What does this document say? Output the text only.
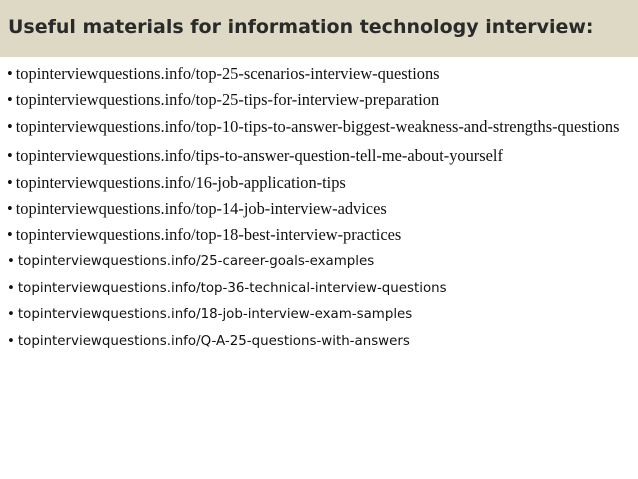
Useful materials for information technology interview:
• topinterviewquestions.info/top-25-scenarios-interview-questions
• topinterviewquestions.info/top-25-tips-for-interview-preparation
• topinterviewquestions.info/top-10-tips-to-answer-biggest-weakness-and-strengths-questions
• topinterviewquestions.info/tips-to-answer-question-tell-me-about-yourself
• topinterviewquestions.info/16-job-application-tips
• topinterviewquestions.info/top-14-job-interview-advices
• topinterviewquestions.info/top-18-best-interview-practices
• topinterviewquestions.info/25-career-goals-examples
• topinterviewquestions.info/top-36-technical-interview-questions
• topinterviewquestions.info/18-job-interview-exam-samples
• topinterviewquestions.info/Q-A-25-questions-with-answers
